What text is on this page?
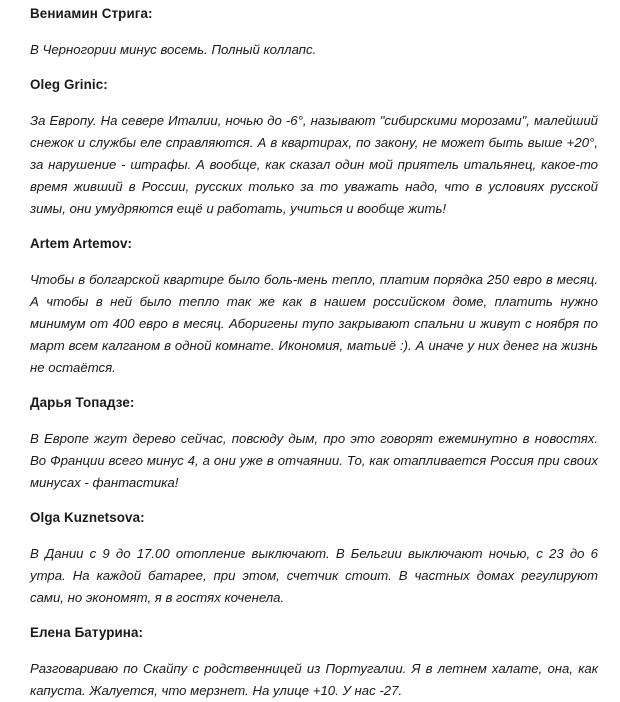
Вениамин Стрига:

В Черногории минус восемь. Полный коллапс.

Oleg Grinic:

За Европу. На севере Италии, ночью до -6°, называют "сибирскими морозами", малейший снежок и службы еле справляются. А в квартирах, по закону, не может быть выше +20°, за нарушение - штрафы. А вообще, как сказал один мой приятель итальянец, какое-то время живший в России, русских только за то уважать надо, что в условиях русской зимы, они умудряются ещё и работать, учиться и вообще жить!

Artem Artemov:

Чтобы в болгарской квартире было боль-мень тепло, платим порядка 250 евро в месяц. А чтобы в ней было тепло так же как в нашем российском доме, платить нужно минимум от 400 евро в месяц. Аборигены тупо закрывают спальни и живут с ноября по март всем калганом в одной комнате. Икономия, матьиё :). А иначе у них денег на жизнь не остаётся.

Дарья Топадзе:

В Европе жгут дерево сейчас, повсюду дым, про это говорят ежеминутно в новостях. Во Франции всего минус 4, а они уже в отчаянии. То, как отапливается Россия при своих минусах - фантастика!

Olga Kuznetsova:

В Дании с 9 до 17.00 отопление выключают. В Бельгии выключают ночью, с 23 до 6 утра. На каждой батарее, при этом, счетчик стоит. В частных домах регулируют сами, но экономят, я в гостях коченела.

Елена Батурина:

Разговариваю по Скайпу с родственницей из Португалии. Я в летнем халате, она, как капуста. Жалуется, что мерзнет. На улице +10. У нас -27.
